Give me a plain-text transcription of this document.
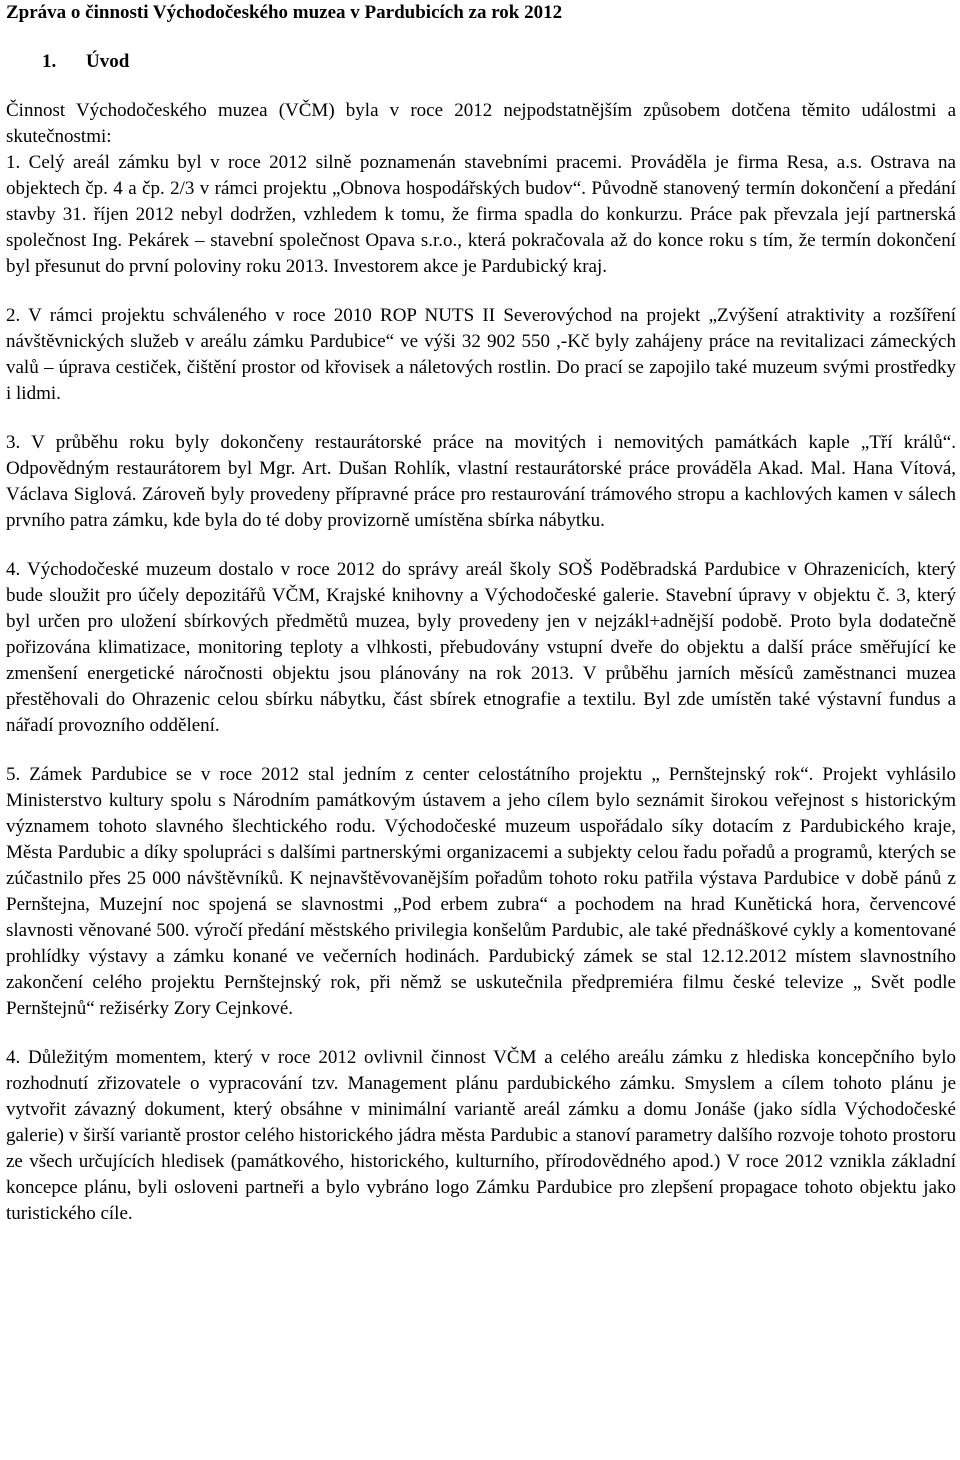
Zpráva o činnosti Východočeského muzea v Pardubicích za rok 2012
1. Úvod

Činnost Východočeského muzea (VČM) byla v roce 2012 nejpodstatnějším způsobem dotčena těmito událostmi a skutečnostmi:

1. Celý areál zámku byl v roce 2012 silně poznamenán stavebními pracemi. Prováděla je firma Resa, a.s. Ostrava na objektech čp. 4 a čp. 2/3 v rámci projektu „Obnova hospodářských budov“. Původně stanovený termín dokončení a předání stavby 31. říjen 2012 nebyl dodržen, vzhledem k tomu, že firma spadla do konkurzu. Práce pak převzala její partnerská společnost Ing. Pekárek – stavební společnost Opava s.r.o., která pokračovala až do konce roku s tím, že termín dokončení byl přesunut do první poloviny roku 2013. Investorem akce je Pardubický kraj.

2. V rámci projektu schváleného v roce 2010 ROP NUTS II Severovýchod na projekt „Zvýšení atraktivity a rozšíření návštěvnických služeb v areálu zámku Pardubice“ ve výši 32 902 550 ,-Kč byly zahájeny práce na revitalizaci zámeckých valů – úprava cestiček, čištění prostor od křovisek a náletových rostlin. Do prací se zapojilo také muzeum svými prostředky i lidmi.

3. V průběhu roku byly dokončeny restaurátorské práce na movitých i nemovitých památkách kaple „Tří králů“. Odpovědným restaurátorem byl Mgr. Art. Dušan Rohlík, vlastní restaurátorské práce prováděla Akad. Mal. Hana Vítová, Václava Siglová. Zároveň byly provedeny přípravné práce pro restaurování trámového stropu a kachlových kamen v sálech prvního patra zámku, kde byla do té doby provizorně umístěna sbírka nábytku.

4. Východočeské muzeum dostalo v roce 2012 do správy areál školy SOŠ Poděbradská Pardubice v Ohrazenicích, který bude sloužit pro účely depozitářů VČM, Krajské knihovny a Východočeské galerie. Stavební úpravy v objektu č. 3, který byl určen pro uložení sbírkových předmětů muzea, byly provedeny jen v nejzákl+adnější podobě. Proto byla dodatečně pořizována klimatizace, monitoring teploty a vlhkosti, přebudovány vstupní dveře do objektu a další práce směřující ke zmenšení energetické náročnosti objektu jsou plánovány na rok 2013. V průběhu jarních měsíců zaměstnanci muzea přestěhovali do Ohrazenic celou sbírku nábytku, část sbírek etnografie a textilu. Byl zde umístěn také výstavní fundus a nářadí provozního oddělení.

5. Zámek Pardubice se v roce 2012 stal jedním z center celostátního projektu „ Pernštejnský rok“. Projekt vyhlásilo Ministerstvo kultury spolu s Národním památkovým ústavem a jeho cílem bylo seznámit širokou veřejnost s historickým významem tohoto slavného šlechtického rodu. Východočeské muzeum uspořádalo síky dotacím z Pardubického kraje, Města Pardubic a díky spolupráci s dalšími partnerskými organizacemi a subjekty celou řadu pořadů a programů, kterých se zúčastnilo přes 25 000 návštěvníků. K nejnavštěvovanějším pořadům tohoto roku patřila výstava Pardubice v době pánů z Pernštejna, Muzejní noc spojená se slavnostmi „Pod erbem zubra“ a pochodem na hrad Kunětická hora, červencové slavnosti věnované 500. výročí předání městského privilegia konšelům Pardubic, ale také přednáškové cykly a komentované prohlídky výstavy a zámku konané ve večerních hodinách. Pardubický zámek se stal 12.12.2012 místem slavnostního zakončení celého projektu Pernštejnský rok, při němž se uskutečnila předpremiéra filmu české televize „ Svět podle Pernštejnů“ režisérky Zory Cejnkové.

4. Důležitým momentem, který v roce 2012 ovlivnil činnost VČM a celého areálu zámku z hlediska koncepčního bylo rozhodnutí zřizovatele o vypracování tzv. Management plánu pardubického zámku. Smyslem a cílem tohoto plánu je vytvořit závazný dokument, který obsáhne v minimální variantě areál zámku a domu Jonáše (jako sídla Východočeské galerie) v širší variantě prostor celého historického jádra města Pardubic a stanoví parametry dalšího rozvoje tohoto prostoru ze všech určujících hledisek (památkového, historického, kulturního, přírodovědného apod.) V roce 2012 vznikla základní koncepce plánu, byli osloveni partneři a bylo vybráno logo Zámku Pardubice pro zlepšení propagace tohoto objektu jako turistického cíle.
